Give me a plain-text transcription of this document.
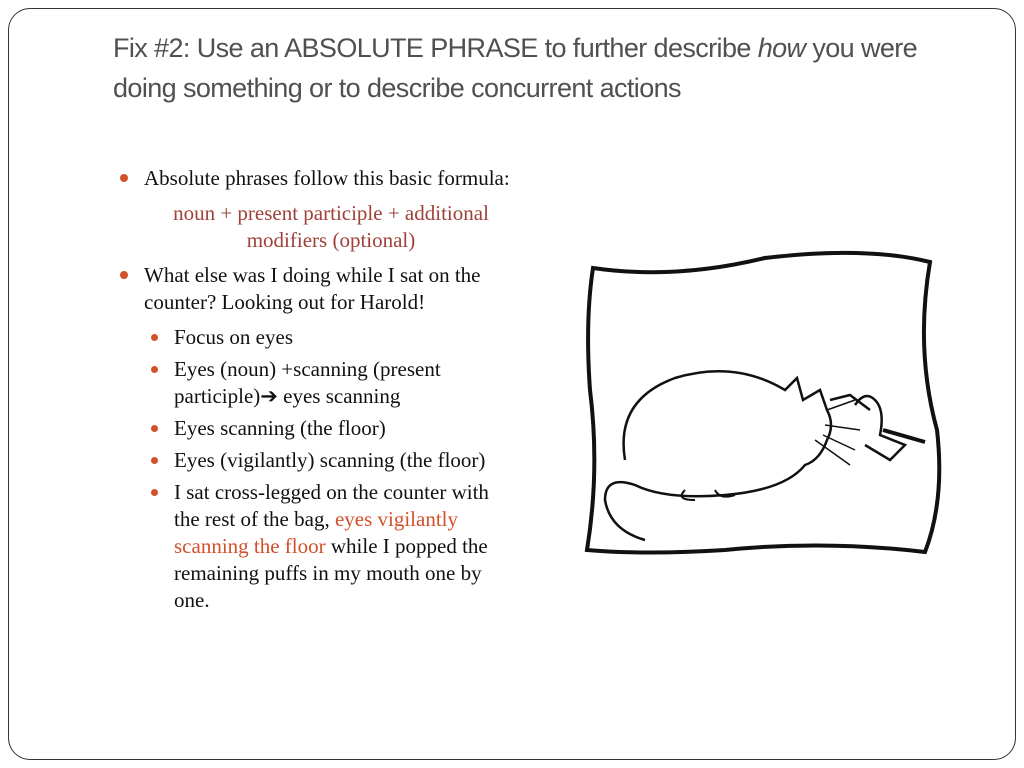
Fix #2: Use an ABSOLUTE PHRASE to further describe how you were doing something or to describe concurrent actions
Absolute phrases follow this basic formula:
noun + present participle + additional modifiers (optional)
What else was I doing while I sat on the counter? Looking out for Harold!
Focus on eyes
Eyes (noun) +scanning (present participle)➔ eyes scanning
Eyes scanning (the floor)
Eyes (vigilantly) scanning (the floor)
I sat cross-legged on the counter with the rest of the bag, eyes vigilantly scanning the floor while I popped the remaining puffs in my mouth one by one.
